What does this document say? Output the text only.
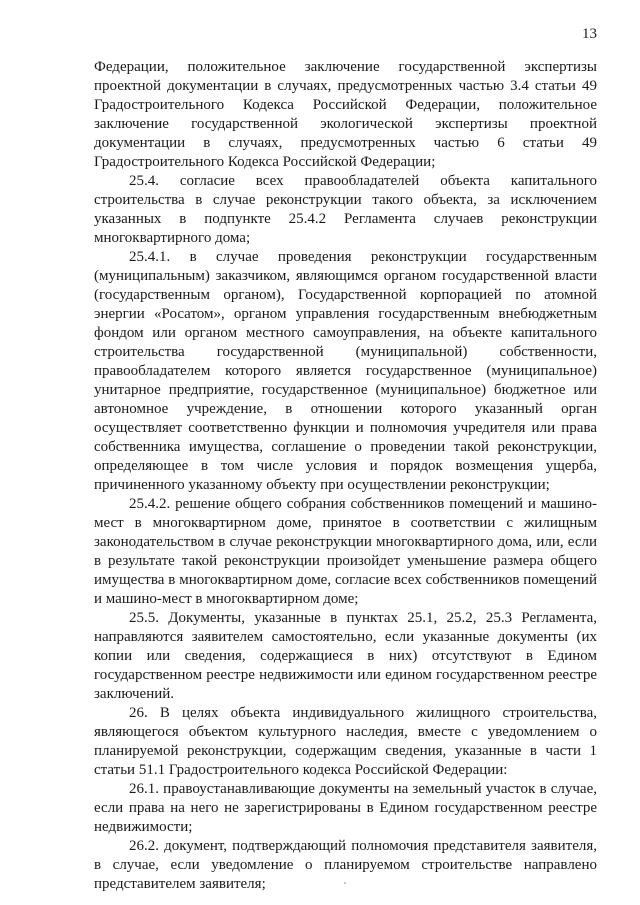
13

Федерации, положительное заключение государственной экспертизы проектной документации в случаях, предусмотренных частью 3.4 статьи 49 Градостроительного Кодекса Российской Федерации, положительное заключение государственной экологической экспертизы проектной документации в случаях, предусмотренных частью 6 статьи 49 Градостроительного Кодекса Российской Федерации;

25.4. согласие всех правообладателей объекта капитального строительства в случае реконструкции такого объекта, за исключением указанных в подпункте 25.4.2 Регламента случаев реконструкции многоквартирного дома;

25.4.1. в случае проведения реконструкции государственным (муниципальным) заказчиком, являющимся органом государственной власти (государственным органом), Государственной корпорацией по атомной энергии «Росатом», органом управления государственным внебюджетным фондом или органом местного самоуправления, на объекте капитального строительства государственной (муниципальной) собственности, правообладателем которого является государственное (муниципальное) унитарное предприятие, государственное (муниципальное) бюджетное или автономное учреждение, в отношении которого указанный орган осуществляет соответственно функции и полномочия учредителя или права собственника имущества, соглашение о проведении такой реконструкции, определяющее в том числе условия и порядок возмещения ущерба, причиненного указанному объекту при осуществлении реконструкции;

25.4.2. решение общего собрания собственников помещений и машино-мест в многоквартирном доме, принятое в соответствии с жилищным законодательством в случае реконструкции многоквартирного дома, или, если в результате такой реконструкции произойдет уменьшение размера общего имущества в многоквартирном доме, согласие всех собственников помещений и машино-мест в многоквартирном доме;

25.5. Документы, указанные в пунктах 25.1, 25.2, 25.3 Регламента, направляются заявителем самостоятельно, если указанные документы (их копии или сведения, содержащиеся в них) отсутствуют в Едином государственном реестре недвижимости или едином государственном реестре заключений.

26. В целях объекта индивидуального жилищного строительства, являющегося объектом культурного наследия, вместе с уведомлением о планируемой реконструкции, содержащим сведения, указанные в части 1 статьи 51.1 Градостроительного кодекса Российской Федерации:

26.1. правоустанавливающие документы на земельный участок в случае, если права на него не зарегистрированы в Едином государственном реестре недвижимости;

26.2. документ, подтверждающий полномочия представителя заявителя, в случае, если уведомление о планируемом строительстве направлено представителем заявителя;
